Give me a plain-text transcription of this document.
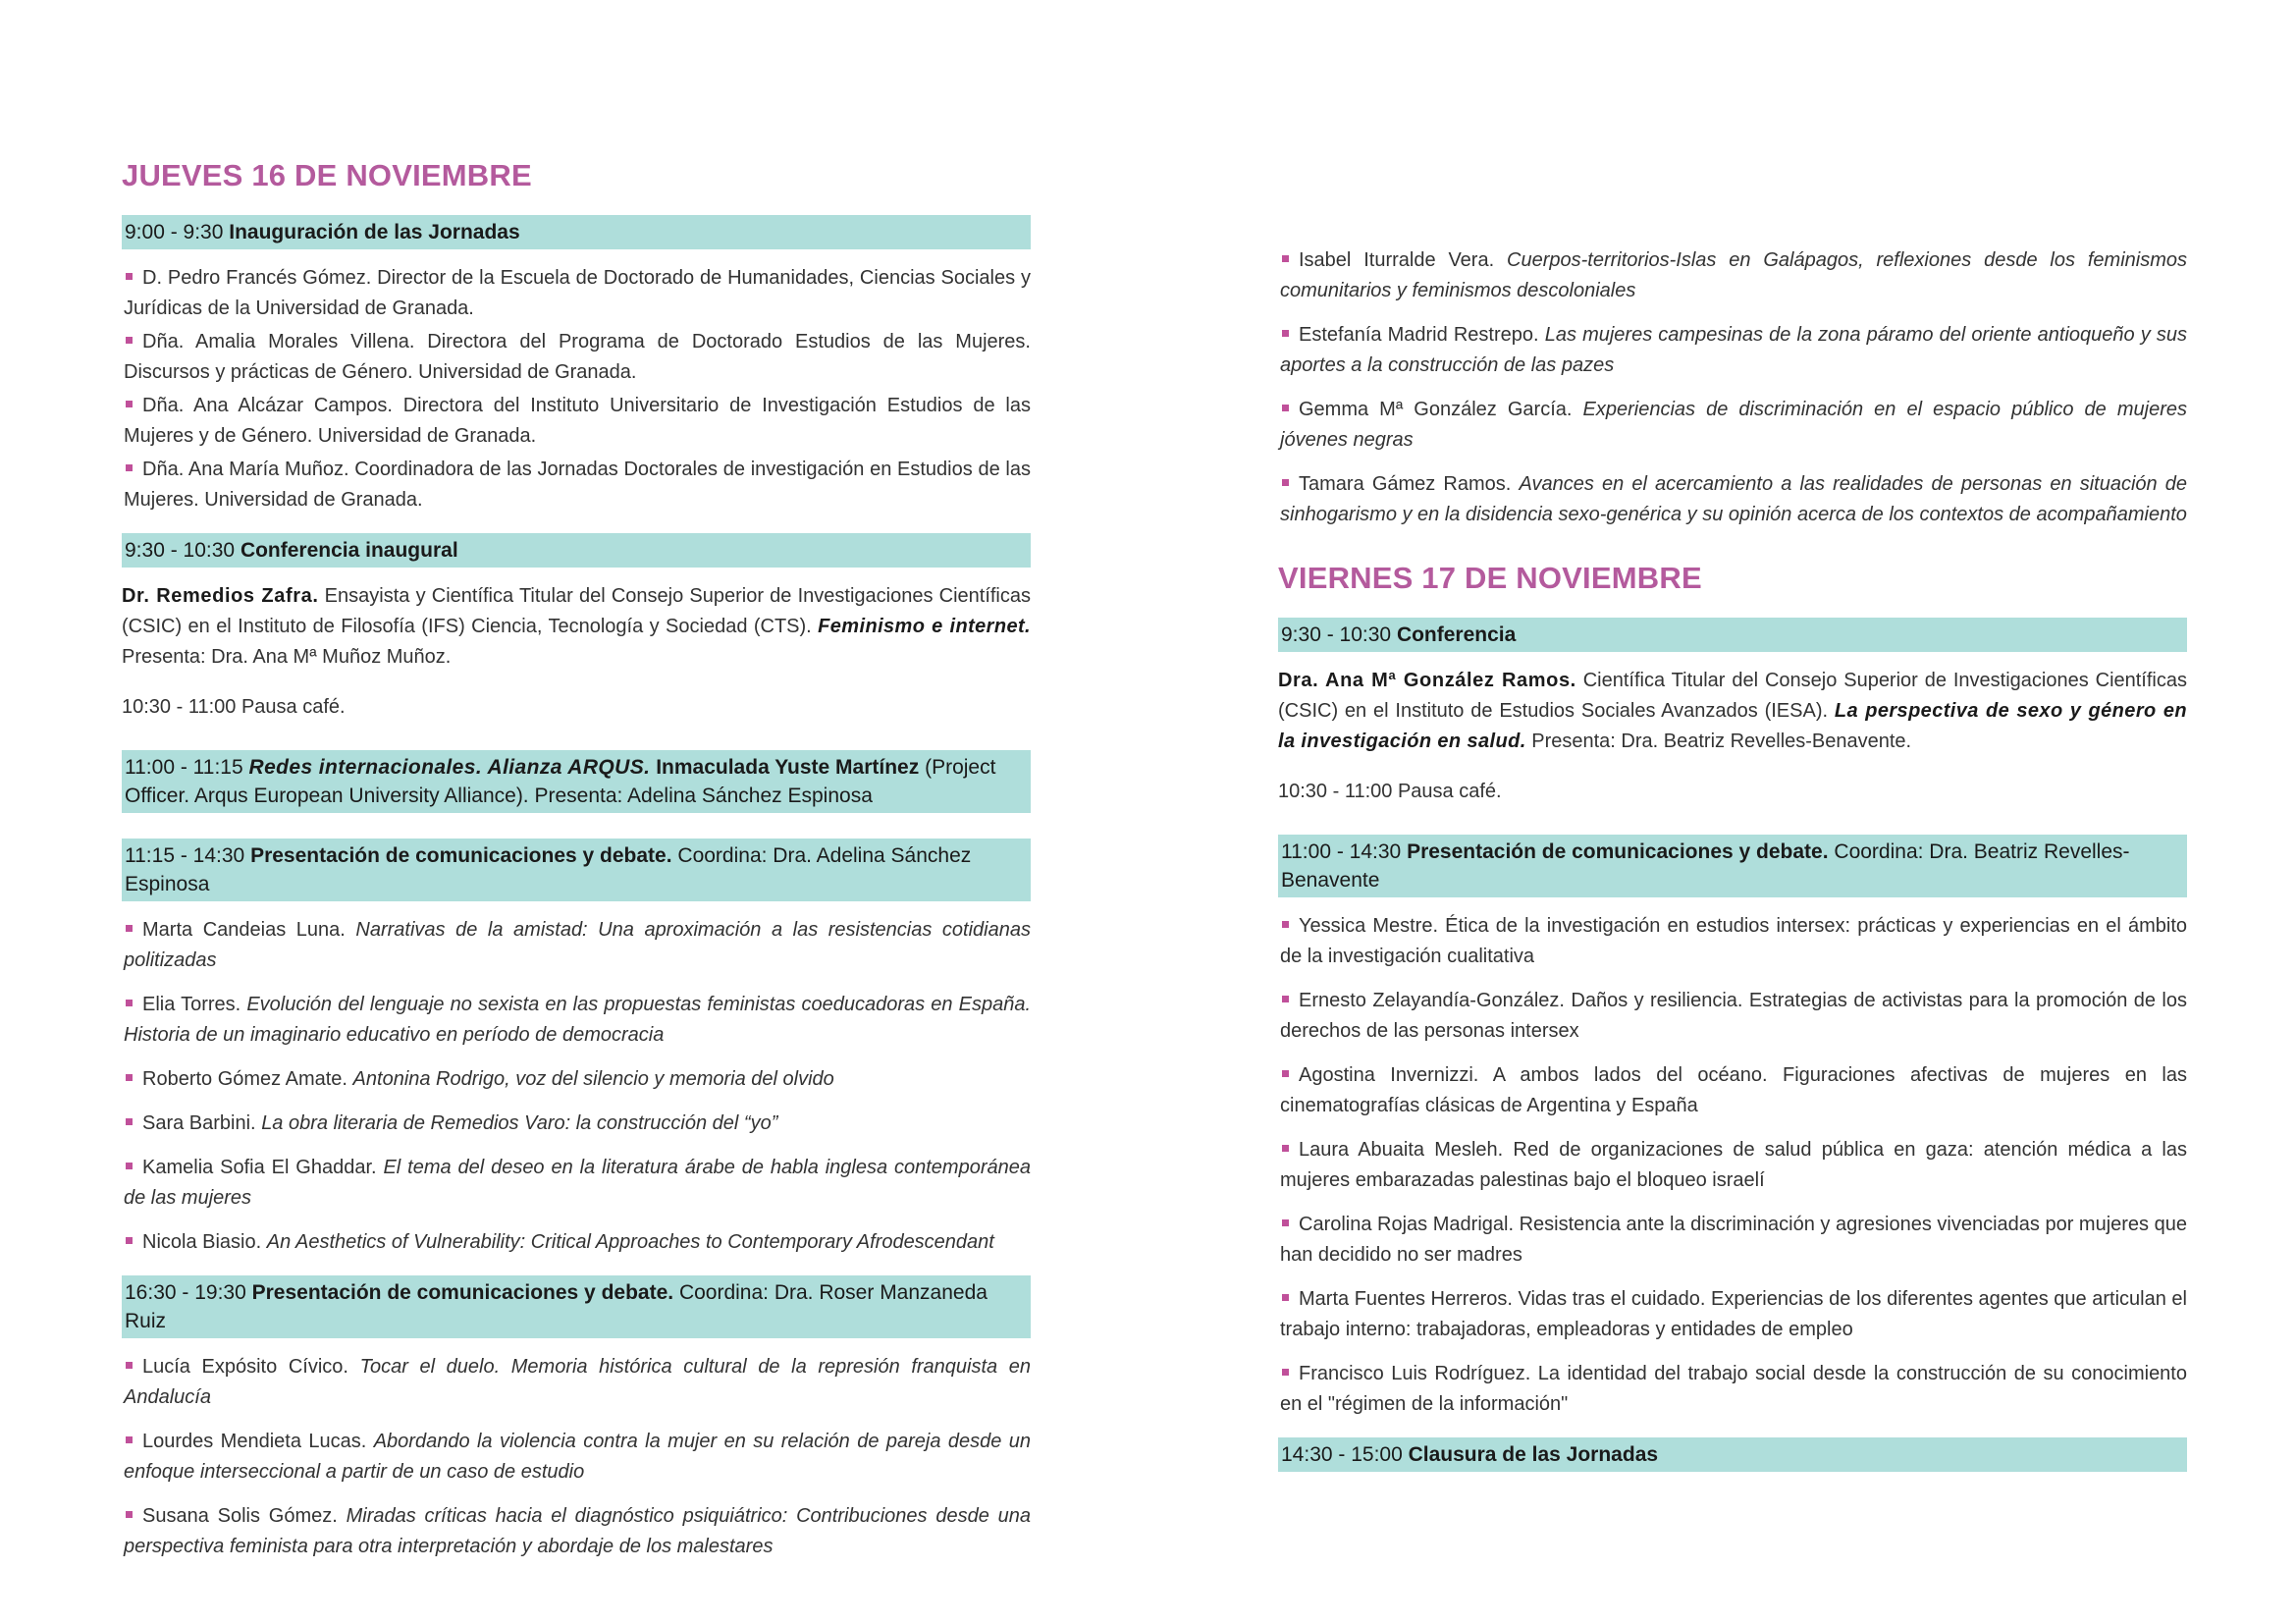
JUEVES 16 DE NOVIEMBRE
9:00 - 9:30 Inauguración de las Jornadas
D. Pedro Francés Gómez. Director de la Escuela de Doctorado de Humanidades, Ciencias Sociales y Jurídicas de la Universidad de Granada.
Dña. Amalia Morales Villena. Directora del Programa de Doctorado Estudios de las Mujeres. Discursos y prácticas de Género. Universidad de Granada.
Dña. Ana Alcázar Campos. Directora del Instituto Universitario de Investigación Estudios de las Mujeres y de Género. Universidad de Granada.
Dña. Ana María Muñoz. Coordinadora de las Jornadas Doctorales de investigación en Estudios de las Mujeres. Universidad de Granada.
9:30 - 10:30 Conferencia inaugural

Dr. Remedios Zafra. Ensayista y Científica Titular del Consejo Superior de Investigaciones Científicas (CSIC) en el Instituto de Filosofía (IFS) Ciencia, Tecnología y Sociedad (CTS). Feminismo e internet. Presenta: Dra. Ana Mª Muñoz Muñoz.

10:30 - 11:00 Pausa café.

11:00 - 11:15 Redes internacionales. Alianza ARQUS. Inmaculada Yuste Martínez (Project Officer. Arqus European University Alliance). Presenta: Adelina Sánchez Espinosa
11:15 - 14:30 Presentación de comunicaciones y debate. Coordina: Dra. Adelina Sánchez Espinosa
Marta Candeias Luna. Narrativas de la amistad: Una aproximación a las resistencias cotidianas politizadas
Elia Torres. Evolución del lenguaje no sexista en las propuestas feministas coeducadoras en España. Historia de un imaginario educativo en período de democracia
Roberto Gómez Amate. Antonina Rodrigo, voz del silencio y memoria del olvido
Sara Barbini. La obra literaria de Remedios Varo: la construcción del “yo”
Kamelia Sofia El Ghaddar. El tema del deseo en la literatura árabe de habla inglesa contemporánea de las mujeres
Nicola Biasio. An Aesthetics of Vulnerability: Critical Approaches to Contemporary Afrodescendant
16:30 - 19:30 Presentación de comunicaciones y debate. Coordina: Dra. Roser Manzaneda Ruiz
Lucía Expósito Cívico. Tocar el duelo. Memoria histórica cultural de la represión franquista en Andalucía
Lourdes Mendieta Lucas. Abordando la violencia contra la mujer en su relación de pareja desde un enfoque interseccional a partir de un caso de estudio
Susana Solis Gómez. Miradas críticas hacia el diagnóstico psiquiátrico: Contribuciones desde una perspectiva feminista para otra interpretación y abordaje de los malestares
Isabel Iturralde Vera. Cuerpos-territorios-Islas en Galápagos, reflexiones desde los feminismos comunitarios y feminismos descoloniales
Estefanía Madrid Restrepo. Las mujeres campesinas de la zona páramo del oriente antioqueño y sus aportes a la construcción de las pazes
Gemma Mª González García. Experiencias de discriminación en el espacio público de mujeres jóvenes negras
Tamara Gámez Ramos. Avances en el acercamiento a las realidades de personas en situación de sinhogarismo y en la disidencia sexo-genérica y su opinión acerca de los contextos de acompañamiento
VIERNES 17 DE NOVIEMBRE
9:30 - 10:30 Conferencia

Dra. Ana Mª González Ramos. Científica Titular del Consejo Superior de Investigaciones Científicas (CSIC) en el Instituto de Estudios Sociales Avanzados (IESA). La perspectiva de sexo y género en la investigación en salud. Presenta: Dra. Beatriz Revelles-Benavente.

10:30 - 11:00 Pausa café.

11:00 - 14:30 Presentación de comunicaciones y debate. Coordina: Dra. Beatriz Revelles-Benavente
Yessica Mestre. Ética de la investigación en estudios intersex: prácticas y experiencias en el ámbito de la investigación cualitativa
Ernesto Zelayandía-González. Daños y resiliencia. Estrategias de activistas para la promoción de los derechos de las personas intersex
Agostina Invernizzi. A ambos lados del océano. Figuraciones afectivas de mujeres en las cinematografías clásicas de Argentina y España
Laura Abuaita Mesleh. Red de organizaciones de salud pública en gaza: atención médica a las mujeres embarazadas palestinas bajo el bloqueo israelí
Carolina Rojas Madrigal. Resistencia ante la discriminación y agresiones vivenciadas por mujeres que han decidido no ser madres
Marta Fuentes Herreros. Vidas tras el cuidado. Experiencias de los diferentes agentes que articulan el trabajo interno: trabajadoras, empleadoras y entidades de empleo
Francisco Luis Rodríguez. La identidad del trabajo social desde la construcción de su conocimiento en el "régimen de la información"
14:30 - 15:00 Clausura de las Jornadas
